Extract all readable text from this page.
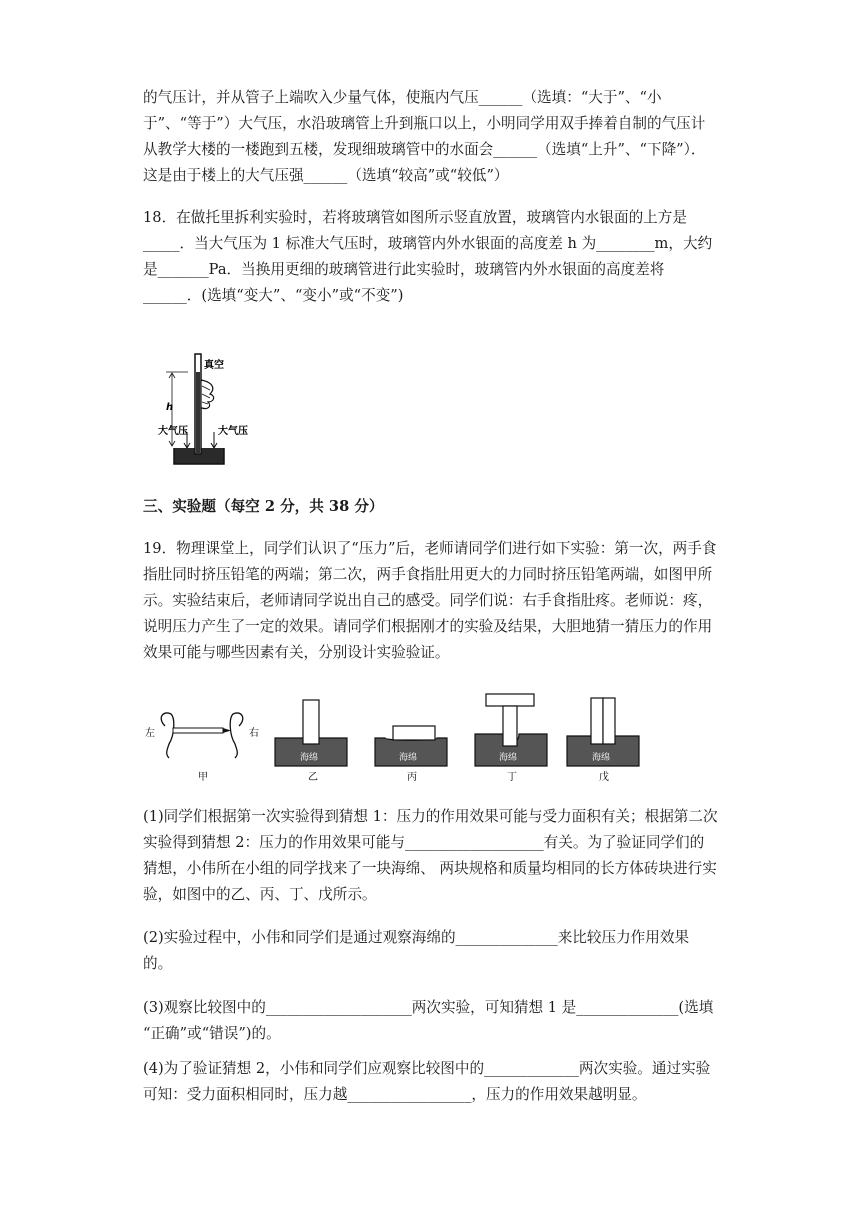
的气压计，并从管子上端吹入少量气体，使瓶内气压______（选填：“大于”、“小于”、“等于”）大气压，水沿玻璃管上升到瓶口以上，小明同学用双手捧着自制的气压计从教学大楼的一楼跑到五楼，发现细玻璃管中的水面会______（选填“上升”、“下降”）．这是由于楼上的大气压强______（选填“较高”或“较低”）

18．在做托里拆利实验时，若将玻璃管如图所示竖直放置，玻璃管内水银面的上方是_____．当大气压为 1 标准大气压时，玻璃管内外水银面的高度差 h 为________m，大约是_______Pa．当换用更细的玻璃管进行此实验时，玻璃管内外水银面的高度差将______．(选填“变大”、“变小”或“不变”)

真空
h
大气压	大气压

三、实验题（每空 2 分，共 38 分）

19．物理课堂上，同学们认识了“压力”后，老师请同学们进行如下实验：第一次，两手食指肚同时挤压铅笔的两端；第二次，两手食指肚用更大的力同时挤压铅笔两端，如图甲所示。实验结束后，老师请同学说出自己的感受。同学们说：右手食指肚疼。老师说：疼，说明压力产生了一定的效果。请同学们根据刚才的实验及结果，大胆地猜一猜压力的作用效果可能与哪些因素有关，分别设计实验验证。

左	右
甲
海绵
乙
海绵
丙
海绵
丁
海绵
戊

(1)同学们根据第一次实验得到猜想 1：压力的作用效果可能与受力面积有关；根据第二次实验得到猜想 2：压力的作用效果可能与___________________有关。为了验证同学们的猜想，小伟所在小组的同学找来了一块海绵、 两块规格和质量均相同的长方体砖块进行实验，如图中的乙、丙、丁、戊所示。

(2)实验过程中，小伟和同学们是通过观察海绵的______________来比较压力作用效果的。

(3)观察比较图中的____________________两次实验，可知猜想 1 是______________(选填 “正确”或“错误”)的。

(4)为了验证猜想 2，小伟和同学们应观察比较图中的_____________两次实验。通过实验可知：受力面积相同时，压力越_________________，压力的作用效果越明显。
